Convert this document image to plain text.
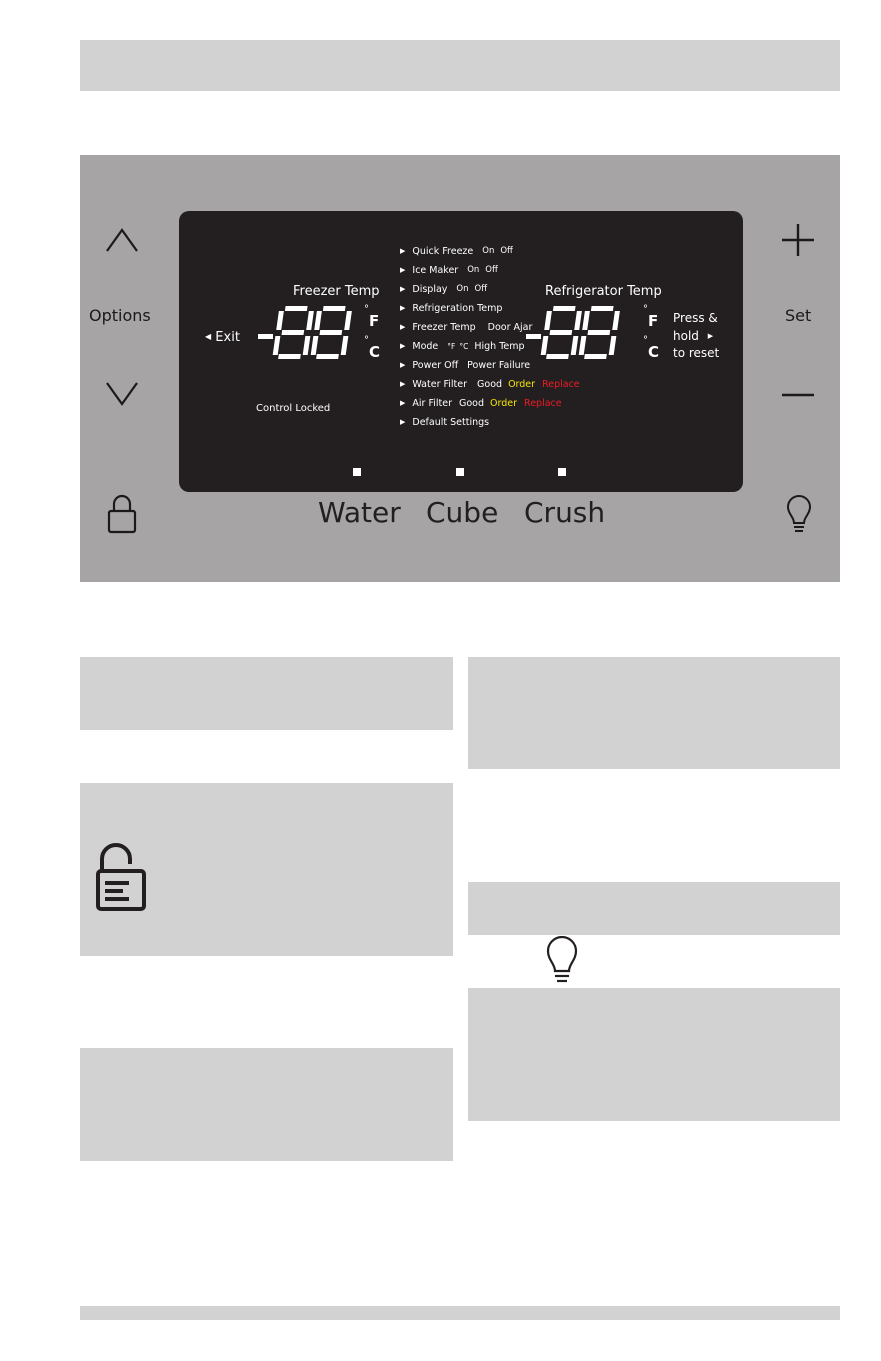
Options	Set
◀ Exit
Freezer Temp
°
F
°
C
Control Locked
▶ Quick Freeze On Off
▶ Ice Maker On Off
▶ Display On Off
▶ Refrigeration Temp
▶ Freezer Temp Door Ajar
▶ Mode °F °C High Temp
▶ Power Off Power Failure
▶ Water Filter Good Order Replace
▶ Air Filter Good Order Replace
▶ Default Settings
Refrigerator Temp
°
F
°
C
Press &
hold ▶
to reset
Water Cube Crush
